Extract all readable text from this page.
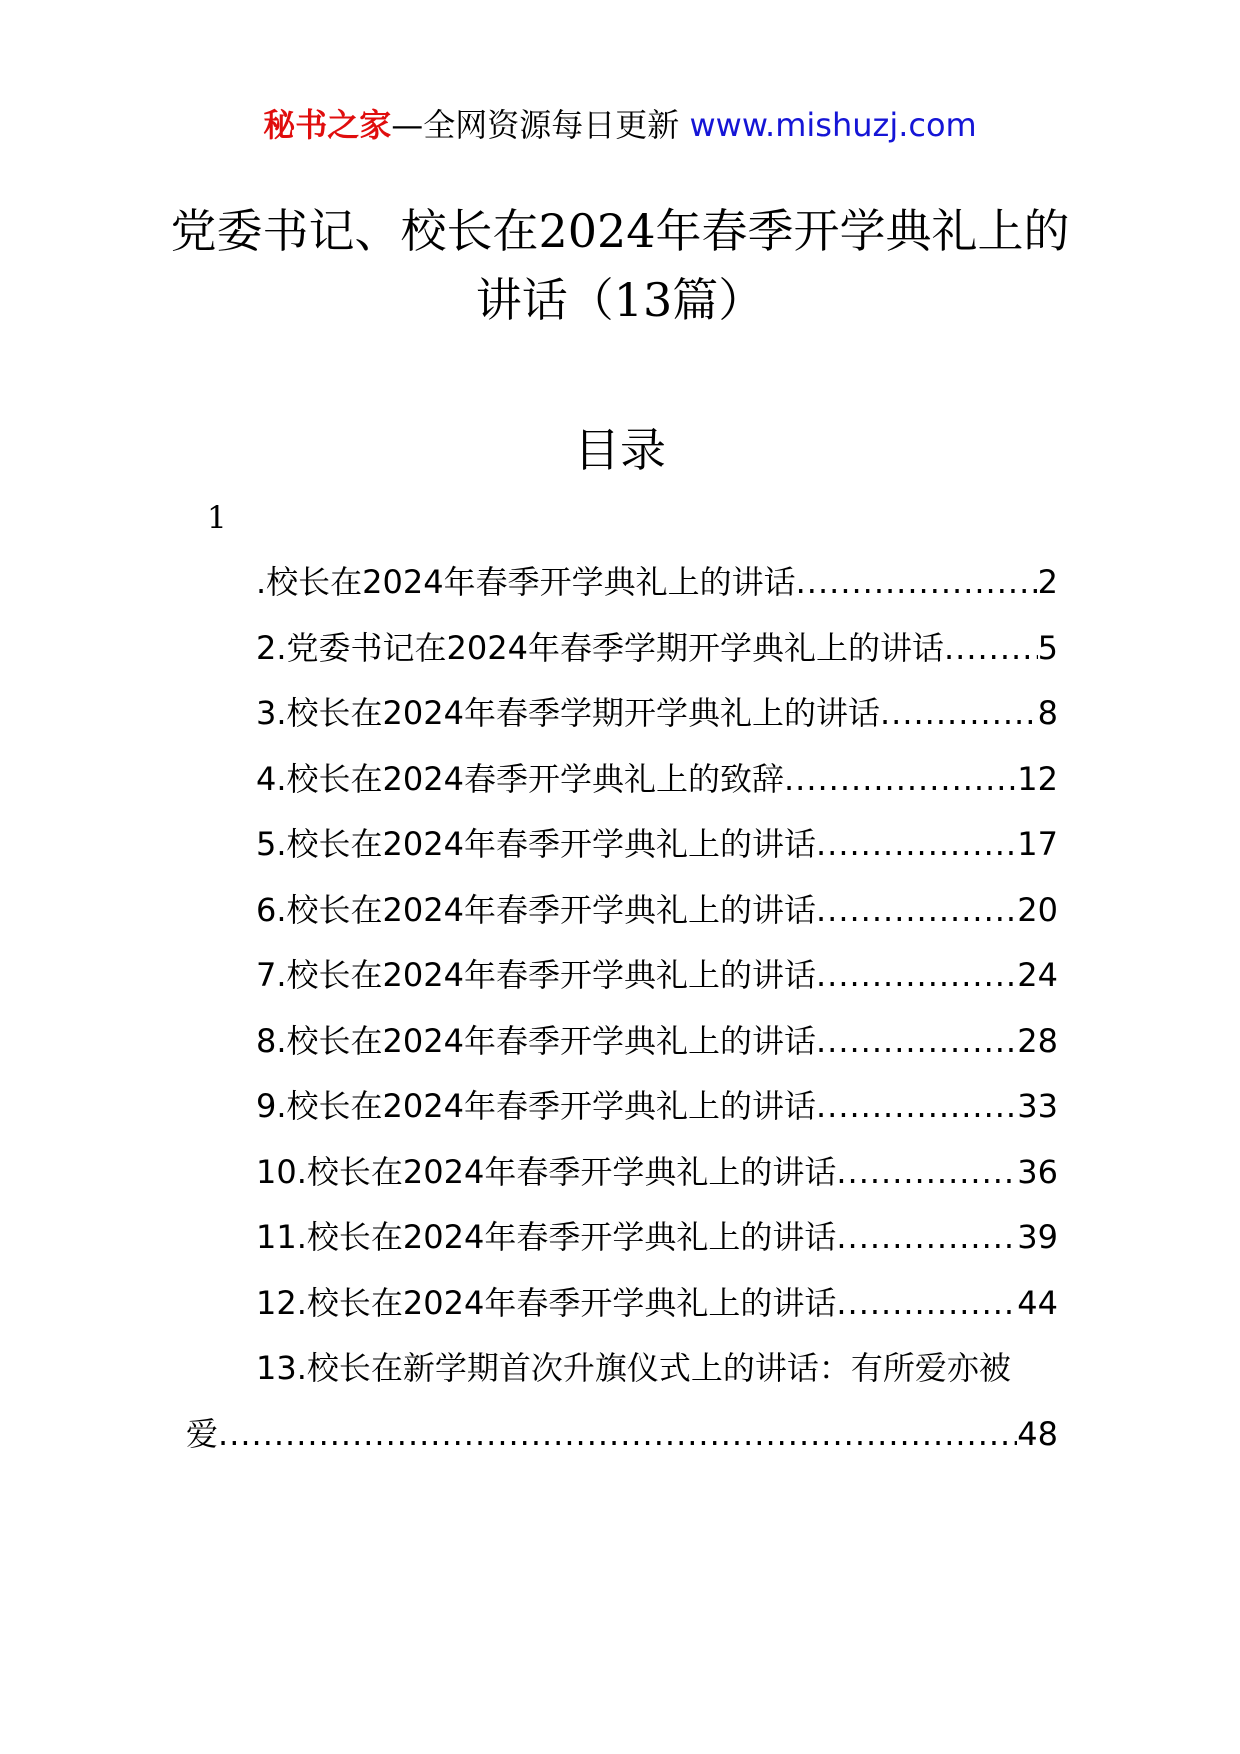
秘书之家—全网资源每日更新 www.mishuzj.com
党委书记、校长在2024年春季开学典礼上的讲话（13篇）
目录
1
.校长在2024年春季开学典礼上的讲话 .....	2
2.党委书记在2024年春季学期开学典礼上的讲话 .....	5
3.校长在2024年春季学期开学典礼上的讲话 .....	8
4.校长在2024春季开学典礼上的致辞 .....	12
5.校长在2024年春季开学典礼上的讲话 .....	17
6.校长在2024年春季开学典礼上的讲话 .....	20
7.校长在2024年春季开学典礼上的讲话 .....	24
8.校长在2024年春季开学典礼上的讲话 .....	28
9.校长在2024年春季开学典礼上的讲话 .....	33
10.校长在2024年春季开学典礼上的讲话 .....	36
11.校长在2024年春季开学典礼上的讲话 .....	39
12.校长在2024年春季开学典礼上的讲话 .....	44
13.校长在新学期首次升旗仪式上的讲话：有所爱亦被
爱 .....	48
